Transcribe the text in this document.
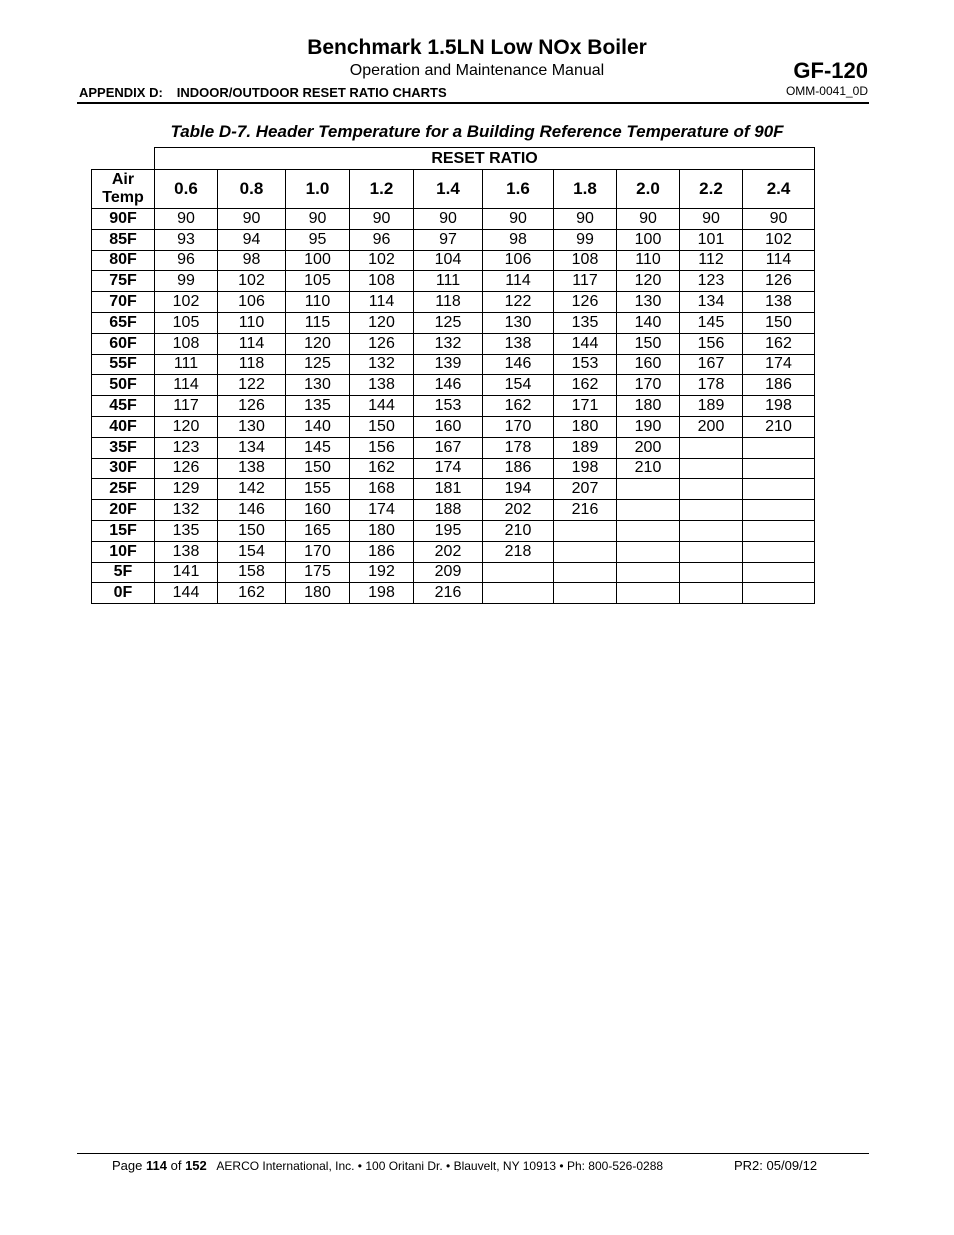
Benchmark 1.5LN Low NOx Boiler
Operation and Maintenance Manual	GF-120
APPENDIX D: INDOOR/OUTDOOR RESET RATIO CHARTS	OMM-0041_0D
Table D-7. Header Temperature for a Building Reference Temperature of 90F
	RESET RATIO									
Air
Temp	0.6	0.8	1.0	1.2	1.4	1.6	1.8	2.0	2.2	2.4
90F	90	90	90	90	90	90	90	90	90	90
85F	93	94	95	96	97	98	99	100	101	102
80F	96	98	100	102	104	106	108	110	112	114
75F	99	102	105	108	111	114	117	120	123	126
70F	102	106	110	114	118	122	126	130	134	138
65F	105	110	115	120	125	130	135	140	145	150
60F	108	114	120	126	132	138	144	150	156	162
55F	111	118	125	132	139	146	153	160	167	174
50F	114	122	130	138	146	154	162	170	178	186
45F	117	126	135	144	153	162	171	180	189	198
40F	120	130	140	150	160	170	180	190	200	210
35F	123	134	145	156	167	178	189	200		
30F	126	138	150	162	174	186	198	210		
25F	129	142	155	168	181	194	207			
20F	132	146	160	174	188	202	216			
15F	135	150	165	180	195	210				
10F	138	154	170	186	202	218				
5F	141	158	175	192	209					
0F	144	162	180	198	216					
Page 114 of 152 AERCO International, Inc. • 100 Oritani Dr. • Blauvelt, NY 10913 • Ph: 800-526-0288	PR2: 05/09/12
